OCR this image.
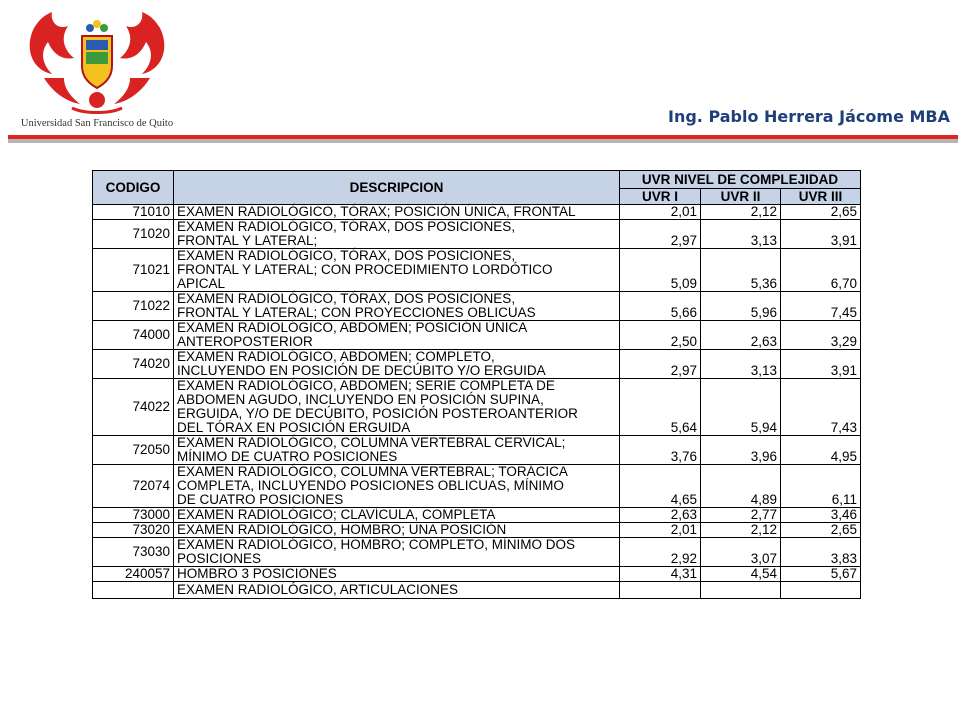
Universidad San Francisco de Quito	Ing. Pablo Herrera Jácome MBA
CODIGO	DESCRIPCION	UVR NIVEL DE COMPLEJIDAD		
		UVR I	UVR II	UVR III
71010	EXAMEN RADIOLÓGICO, TÓRAX; POSICIÓN ÚNICA, FRONTAL	2,01	2,12	2,65
71020	EXAMEN RADIOLÓGICO, TÓRAX, DOS POSICIONES,
FRONTAL Y LATERAL;	2,97	3,13	3,91
71021	EXAMEN RADIOLÓGICO, TÓRAX, DOS POSICIONES,
FRONTAL Y LATERAL; CON PROCEDIMIENTO LORDÓTICO
APICAL	5,09	5,36	6,70
71022	EXAMEN RADIOLÓGICO, TÓRAX, DOS POSICIONES,
FRONTAL Y LATERAL; CON PROYECCIONES OBLICUAS	5,66	5,96	7,45
74000	EXAMEN RADIOLÓGICO, ABDOMEN; POSICIÓN ÚNICA
ANTEROPOSTERIOR	2,50	2,63	3,29
74020	EXAMEN RADIOLÓGICO, ABDOMEN; COMPLETO,
INCLUYENDO EN POSICIÓN DE DECÚBITO Y/O ERGUIDA	2,97	3,13	3,91
74022	EXAMEN RADIOLÓGICO, ABDOMEN; SERIE COMPLETA DE
ABDOMEN AGUDO, INCLUYENDO EN POSICIÓN SUPINA,
ERGUIDA, Y/O DE DECÚBITO, POSICIÓN POSTEROANTERIOR
DEL TÓRAX EN POSICIÓN ERGUIDA	5,64	5,94	7,43
72050	EXAMEN RADIOLÓGICO, COLUMNA VERTEBRAL CERVICAL;
MÍNIMO DE CUATRO POSICIONES	3,76	3,96	4,95
72074	EXAMEN RADIOLÓGICO, COLUMNA VERTEBRAL; TORÁCICA
COMPLETA, INCLUYENDO POSICIONES OBLICUAS, MÍNIMO
DE CUATRO POSICIONES	4,65	4,89	6,11
73000	EXAMEN RADIOLÓGICO; CLAVÍCULA, COMPLETA	2,63	2,77	3,46
73020	EXAMEN RADIOLÓGICO, HOMBRO; UNA POSICIÓN	2,01	2,12	2,65
73030	EXAMEN RADIOLÓGICO, HOMBRO; COMPLETO, MÍNIMO DOS
POSICIONES	2,92	3,07	3,83
240057	HOMBRO 3 POSICIONES	4,31	4,54	5,67
	EXAMEN RADIOLÓGICO, ARTICULACIONES			
